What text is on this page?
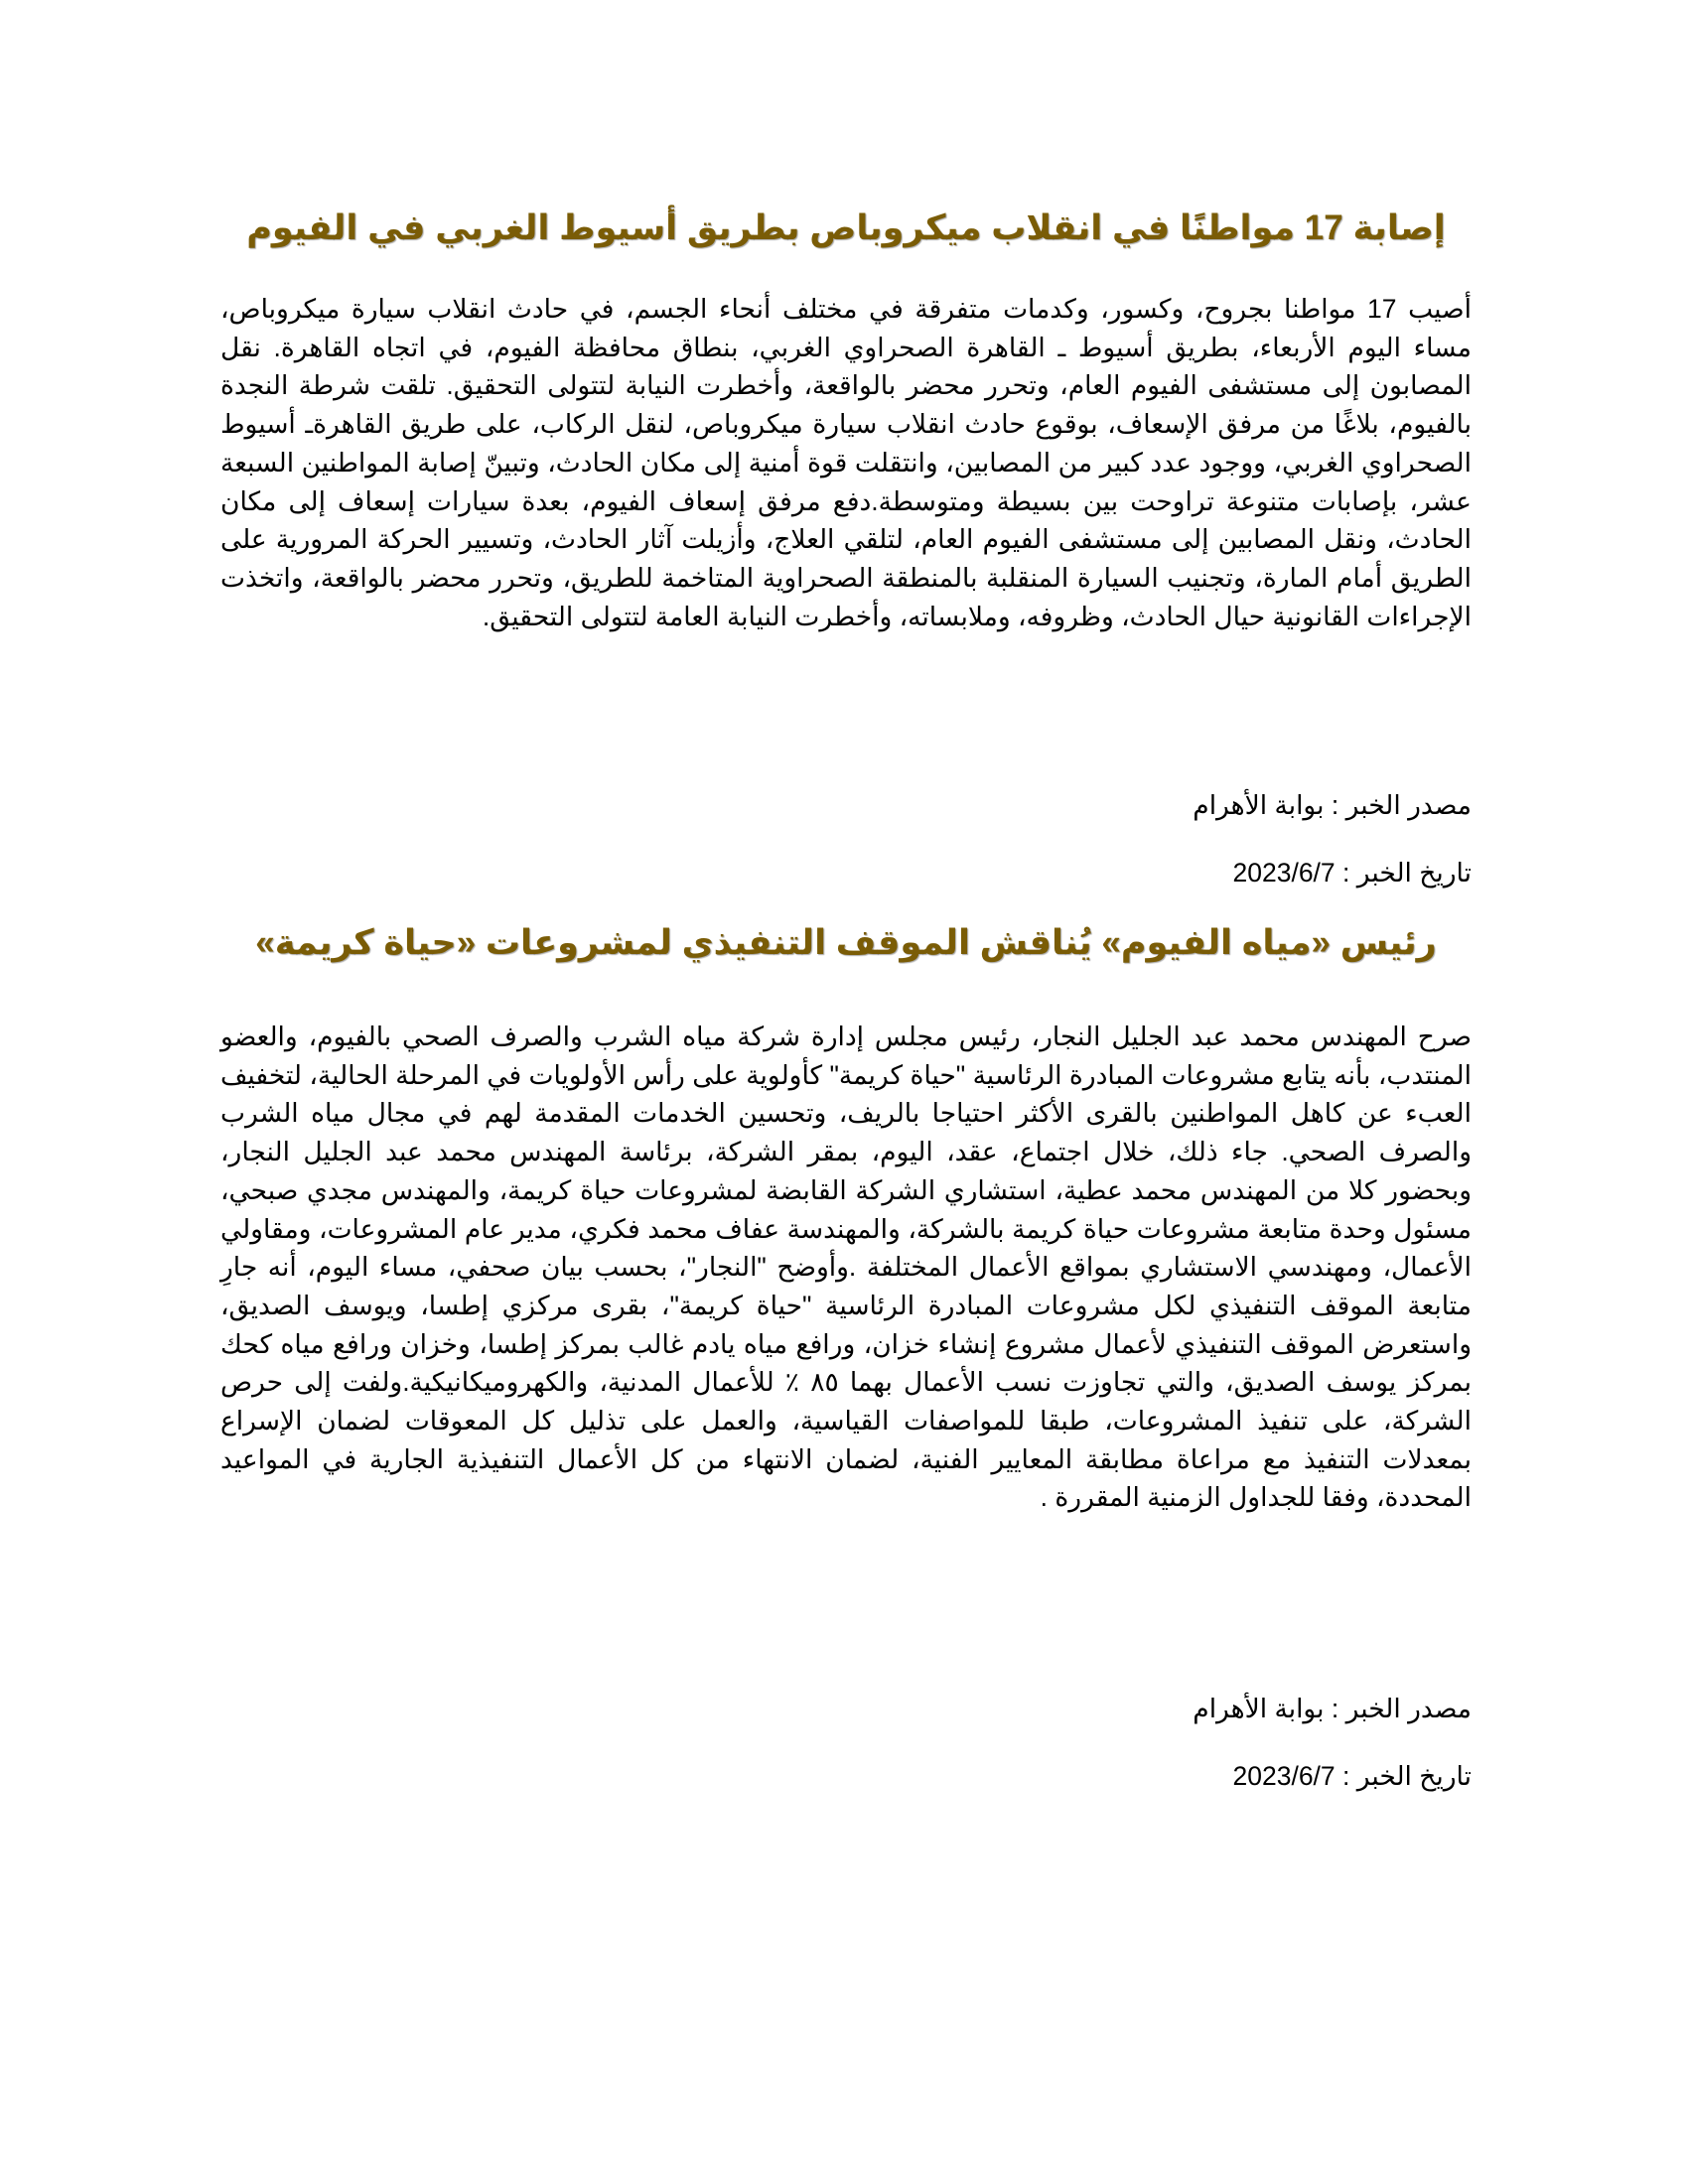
إصابة 17 مواطنًا في انقلاب ميكروباص بطريق أسيوط الغربي في الفيوم

أصيب 17 مواطنا بجروح، وكسور، وكدمات متفرقة في مختلف أنحاء الجسم، في حادث انقلاب سيارة ميكروباص، مساء اليوم الأربعاء، بطريق أسيوط ـ القاهرة الصحراوي الغربي، بنطاق محافظة الفيوم، في اتجاه القاهرة. نقل المصابون إلى مستشفى الفيوم العام، وتحرر محضر بالواقعة، وأخطرت النيابة لتتولى التحقيق. تلقت شرطة النجدة بالفيوم، بلاغًا من مرفق الإسعاف، بوقوع حادث انقلاب سيارة ميكروباص، لنقل الركاب، على طريق القاهرةـ أسيوط الصحراوي الغربي، ووجود عدد كبير من المصابين، وانتقلت قوة أمنية إلى مكان الحادث، وتبينّ إصابة المواطنين السبعة عشر، بإصابات متنوعة تراوحت بين بسيطة ومتوسطة.دفع مرفق إسعاف الفيوم، بعدة سيارات إسعاف إلى مكان الحادث، ونقل المصابين إلى مستشفى الفيوم العام، لتلقي العلاج، وأزيلت آثار الحادث، وتسيير الحركة المرورية على الطريق أمام المارة، وتجنيب السيارة المنقلبة بالمنطقة الصحراوية المتاخمة للطريق، وتحرر محضر بالواقعة، واتخذت الإجراءات القانونية حيال الحادث، وظروفه، وملابساته، وأخطرت النيابة العامة لتتولى التحقيق.

مصدر الخبر : بوابة الأهرام

تاريخ الخبر : 2023/6/7

رئيس «مياه الفيوم» يُناقش الموقف التنفيذي لمشروعات «حياة كريمة»

صرح المهندس محمد عبد الجليل النجار، رئيس مجلس إدارة شركة مياه الشرب والصرف الصحي بالفيوم، والعضو المنتدب، بأنه يتابع مشروعات المبادرة الرئاسية "حياة كريمة" كأولوية على رأس الأولويات في المرحلة الحالية، لتخفيف العبء عن كاهل المواطنين بالقرى الأكثر احتياجا بالريف، وتحسين الخدمات المقدمة لهم في مجال مياه الشرب والصرف الصحي. جاء ذلك، خلال اجتماع، عقد، اليوم، بمقر الشركة، برئاسة المهندس محمد عبد الجليل النجار، وبحضور كلا من المهندس محمد عطية، استشاري الشركة القابضة لمشروعات حياة كريمة، والمهندس مجدي صبحي، مسئول وحدة متابعة مشروعات حياة كريمة بالشركة، والمهندسة عفاف محمد فكري، مدير عام المشروعات، ومقاولي الأعمال، ومهندسي الاستشاري بمواقع الأعمال المختلفة .وأوضح "النجار"، بحسب بيان صحفي، مساء اليوم، أنه جارِ متابعة الموقف التنفيذي لكل مشروعات المبادرة الرئاسية "حياة كريمة"، بقرى مركزي إطسا، ويوسف الصديق، واستعرض الموقف التنفيذي لأعمال مشروع إنشاء خزان، ورافع مياه يادم غالب بمركز إطسا، وخزان ورافع مياه كحك بمركز يوسف الصديق، والتي تجاوزت نسب الأعمال بهما ٨٥ ٪ للأعمال المدنية، والكهروميكانيكية.ولفت إلى حرص الشركة، على تنفيذ المشروعات، طبقا للمواصفات القياسية، والعمل على تذليل كل المعوقات لضمان الإسراع بمعدلات التنفيذ مع مراعاة مطابقة المعايير الفنية، لضمان الانتهاء من كل الأعمال التنفيذية الجارية في المواعيد المحددة، وفقا للجداول الزمنية المقررة .

مصدر الخبر : بوابة الأهرام

تاريخ الخبر : 2023/6/7
